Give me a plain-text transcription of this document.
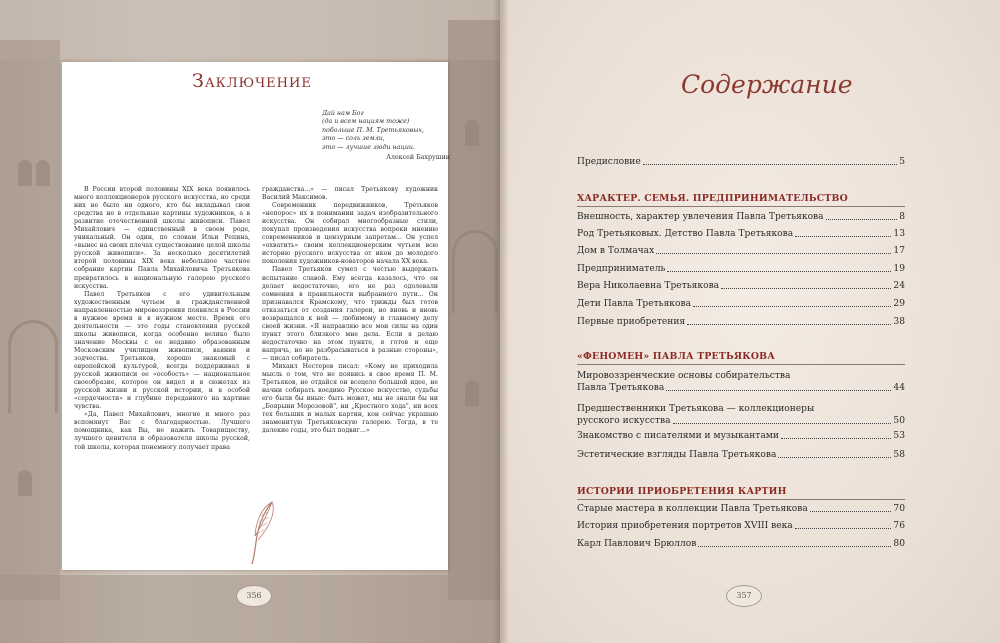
Заключение
Дай нам Бог
(да и всем нациям тоже)
побольше П. М. Третьяковых,
это — соль земли,
это — лучшие люди нации.
Алексей Бахрушин

В России второй половины XIX века появилось много коллекционеров русского искусства, но среди них не было ни одного, кто бы вкладывал свои средства не в отдельные картины художников, а в развитие отечественной школы живописи. Павел Михайлович — единственный в своем роде, уникальный. Он один, по словам Ильи Репина, «вынес на своих плечах существование целой школы русской живописи». За несколько десятилетий второй половины XIX века небольшое частное собрание картин Павла Михайловича Третьякова превратилось в национальную галерею русского искусства.

Павел Третьяков с его удивительным художественным чутьем и гражданственной направленностью мировоззрения появился в России в нужное время и в нужном месте. Время его деятельности — это годы становления русской школы живописи, когда особенно велико было значение Москвы с ее недавно образованным Московским училищем живописи, ваяния и зодчества. Третьяков, хорошо знакомый с европейской культурой, всегда поддерживал в русской живописи ее «особость» — национальное своеобразие, которое он видел и в сюжетах из русской жизни и русской истории, и в особой «сердечности» и глубине переданного на картине чувства.

«Да, Павел Михайлович, многие и много раз вспомянут Вас с благодарностью. Лучшего помощника, как Вы, не нажить Товариществу, лучшего ценителя и образователя школы русской, той школы, которая понемногу получает права

гражданства...» — писал Третьякову художник Василий Максимов.

Современник передвижников, Третьяков «непорос» их в понимании задач изобразительного искусства. Он собирал многообразные стили, покупал произведения искусства вопреки мнению современников и цензурным запретам... Он успел «охватить» своим коллекционерским чутьем всю историю русского искусства от икон до молодого поколения художников-новаторов начала XX века.

Павел Третьяков сумел с честью выдержать испытание славой. Ему всегда казалось, что он делает недостаточно, его не раз одолевали сомнения в правильности выбранного пути... Он признавался Крамскому, что трижды был готов отказаться от создания галереи, но вновь и вновь возвращался к ней — любимому и главному делу своей жизни. «Я направляю все мои силы на один пункт этого близкого мне дела. Если я делаю недостаточно на этом пункте, я готов и еще напрячь, но не разбрасываться в разные стороны», — писал собиратель.

Михаил Нестеров писал: «Кому не приходила мысль о том, что не появись в свое время П. М. Третьяков, не отдайся он всецело большой идее, не начни собирать воедино Русское искусство, судьбы его были бы иные: быть может, мы не знали бы ни „Боярыни Морозовой", ни „Крестного хода", ни всех тех больших и малых картин, кон сейчас украшаю знаменитую Третьяковскую галерею. Тогда, в те далекие годы, это был подвиг...»

356
Содержание
Предисловие	5
ХАРАКТЕР. СЕМЬЯ. ПРЕДПРИНИМАТЕЛЬСТВО
Внешность, характер увлечения Павла Третьякова	8
Род Третьяковых. Детство Павла Третьякова	13
Дом в Толмачах	17
Предприниматель	19
Вера Николаевна Третьякова	24
Дети Павла Третьякова	29
Первые приобретения	38
«ФЕНОМЕН» ПАВЛА ТРЕТЬЯКОВА
Мировоззренческие основы собирательства
Павла Третьякова	44
Предшественники Третьякова — коллекционеры
русского искусства	50
Знакомство с писателями и музыкантами	53
Эстетические взгляды Павла Третьякова	58
ИСТОРИИ ПРИОБРЕТЕНИЯ КАРТИН
Старые мастера в коллекции Павла Третьякова	70
История приобретения портретов XVIII века	76
Карл Павлович Брюллов	80
357
